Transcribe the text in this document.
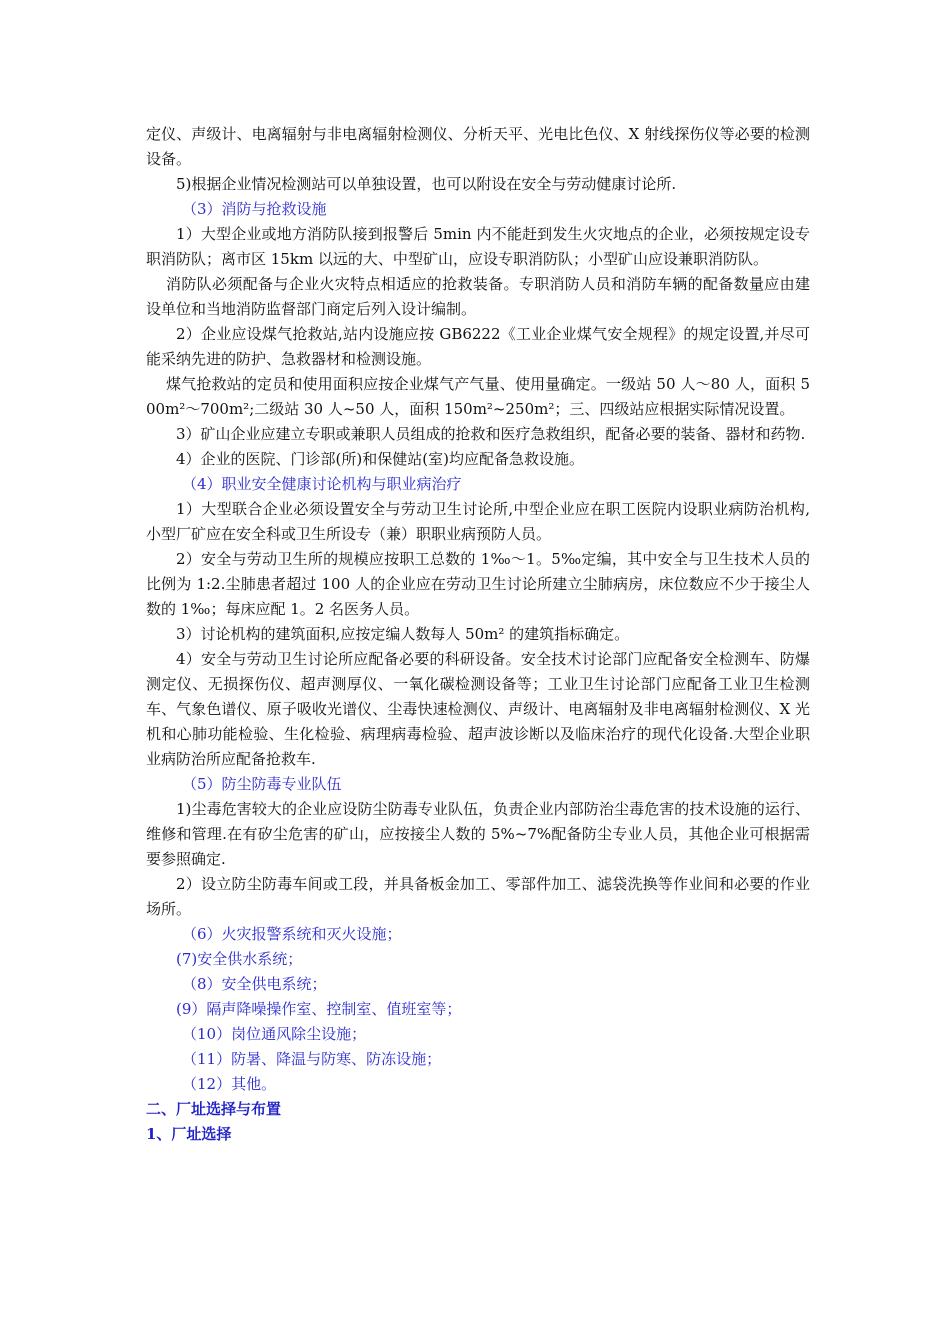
定仪、声级计、电离辐射与非电离辐射检测仪、分析天平、光电比色仪、X 射线探伤仪等必要的检测设备。

5)根据企业情况检测站可以单独设置，也可以附设在安全与劳动健康讨论所.

（3）消防与抢救设施

1）大型企业或地方消防队接到报警后 5min 内不能赶到发生火灾地点的企业，必须按规定设专职消防队；离市区 15km 以远的大、中型矿山，应设专职消防队；小型矿山应设兼职消防队。

消防队必须配备与企业火灾特点相适应的抢救装备。专职消防人员和消防车辆的配备数量应由建设单位和当地消防监督部门商定后列入设计编制。

2）企业应设煤气抢救站,站内设施应按 GB6222《工业企业煤气安全规程》的规定设置,并尽可能采纳先进的防护、急救器材和检测设施。

煤气抢救站的定员和使用面积应按企业煤气产气量、使用量确定。一级站 50 人～80 人，面积 500m²～700m²;二级站 30 人~50 人，面积 150m²~250m²；三、四级站应根据实际情况设置。

3）矿山企业应建立专职或兼职人员组成的抢救和医疗急救组织，配备必要的装备、器材和药物.

4）企业的医院、门诊部(所)和保健站(室)均应配备急救设施。

（4）职业安全健康讨论机构与职业病治疗

1）大型联合企业必须设置安全与劳动卫生讨论所,中型企业应在职工医院内设职业病防治机构,小型厂矿应在安全科或卫生所设专（兼）职职业病预防人员。

2）安全与劳动卫生所的规模应按职工总数的 1‰～1。5‰定编，其中安全与卫生技术人员的比例为 1:2.尘肺患者超过 100 人的企业应在劳动卫生讨论所建立尘肺病房，床位数应不少于接尘人数的 1‰；每床应配 1。2 名医务人员。

3）讨论机构的建筑面积,应按定编人数每人 50m² 的建筑指标确定。

4）安全与劳动卫生讨论所应配备必要的科研设备。安全技术讨论部门应配备安全检测车、防爆测定仪、无损探伤仪、超声测厚仪、一氧化碳检测设备等；工业卫生讨论部门应配备工业卫生检测车、气象色谱仪、原子吸收光谱仪、尘毒快速检测仪、声级计、电离辐射及非电离辐射检测仪、X 光机和心肺功能检验、生化检验、病理病毒检验、超声波诊断以及临床治疗的现代化设备.大型企业职业病防治所应配备抢救车.

（5）防尘防毒专业队伍

1)尘毒危害较大的企业应设防尘防毒专业队伍，负责企业内部防治尘毒危害的技术设施的运行、维修和管理.在有矽尘危害的矿山，应按接尘人数的 5%~7%配备防尘专业人员，其他企业可根据需要参照确定.

2）设立防尘防毒车间或工段，并具备板金加工、零部件加工、滤袋洗换等作业间和必要的作业场所。

（6）火灾报警系统和灭火设施；

(7)安全供水系统；

（8）安全供电系统；

(9）隔声降噪操作室、控制室、值班室等；

（10）岗位通风除尘设施；

（11）防暑、降温与防寒、防冻设施；

（12）其他。

二、厂址选择与布置

1、厂址选择
